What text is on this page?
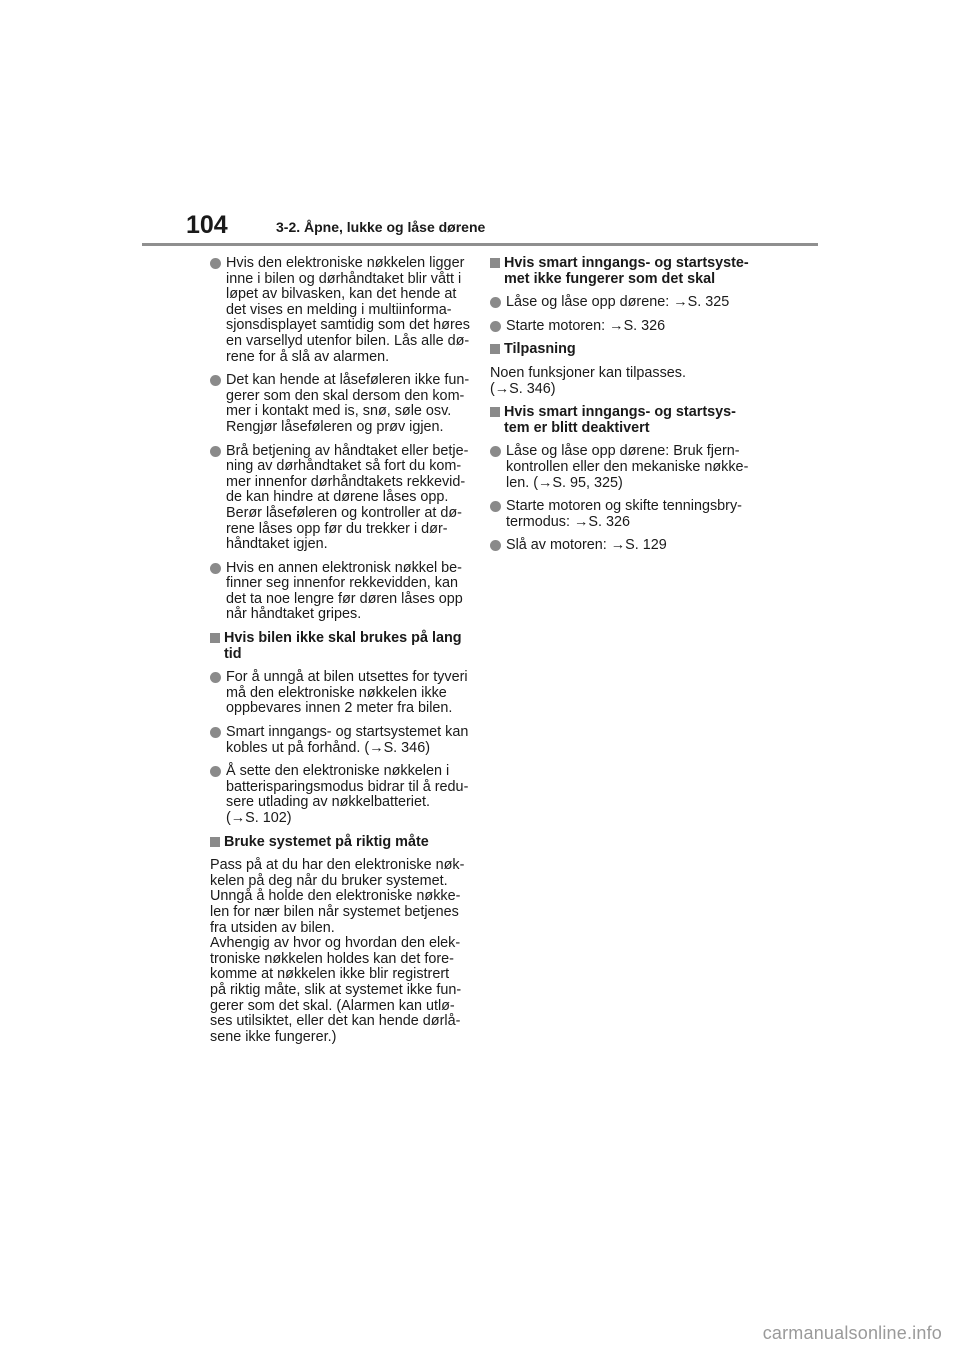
104	3-2. Åpne, lukke og låse dørene
Hvis den elektroniske nøkkelen ligger
inne i bilen og dørhåndtaket blir vått i
løpet av bilvasken, kan det hende at
det vises en melding i multiinforma-
sjonsdisplayet samtidig som det høres
en varsellyd utenfor bilen. Lås alle dø-
rene for å slå av alarmen.
Det kan hende at låseføleren ikke fun-
gerer som den skal dersom den kom-
mer i kontakt med is, snø, søle osv.
Rengjør låseføleren og prøv igjen.
Brå betjening av håndtaket eller betje-
ning av dørhåndtaket så fort du kom-
mer innenfor dørhåndtakets rekkevid-
de kan hindre at dørene låses opp.
Berør låseføleren og kontroller at dø-
rene låses opp før du trekker i dør-
håndtaket igjen.
Hvis en annen elektronisk nøkkel be-
finner seg innenfor rekkevidden, kan
det ta noe lengre før døren låses opp
når håndtaket gripes.
Hvis bilen ikke skal brukes på lang
tid
For å unngå at bilen utsettes for tyveri
må den elektroniske nøkkelen ikke
oppbevares innen 2 meter fra bilen.
Smart inngangs- og startsystemet kan
kobles ut på forhånd. (→S. 346)
Å sette den elektroniske nøkkelen i
batterisparingsmodus bidrar til å redu-
sere utlading av nøkkelbatteriet.
(→S. 102)
Bruke systemet på riktig måte
Pass på at du har den elektroniske nøk-
kelen på deg når du bruker systemet.
Unngå å holde den elektroniske nøkke-
len for nær bilen når systemet betjenes
fra utsiden av bilen.
Avhengig av hvor og hvordan den elek-
troniske nøkkelen holdes kan det fore-
komme at nøkkelen ikke blir registrert
på riktig måte, slik at systemet ikke fun-
gerer som det skal. (Alarmen kan utlø-
ses utilsiktet, eller det kan hende dørlå-
sene ikke fungerer.)
Hvis smart inngangs- og startsyste-
met ikke fungerer som det skal
Låse og låse opp dørene: →S. 325
Starte motoren: →S. 326
Tilpasning
Noen funksjoner kan tilpasses.
(→S. 346)
Hvis smart inngangs- og startsys-
tem er blitt deaktivert
Låse og låse opp dørene: Bruk fjern-
kontrollen eller den mekaniske nøkke-
len. (→S. 95, 325)
Starte motoren og skifte tenningsbry-
termodus: →S. 326
Slå av motoren: →S. 129
carmanualsonline.info
